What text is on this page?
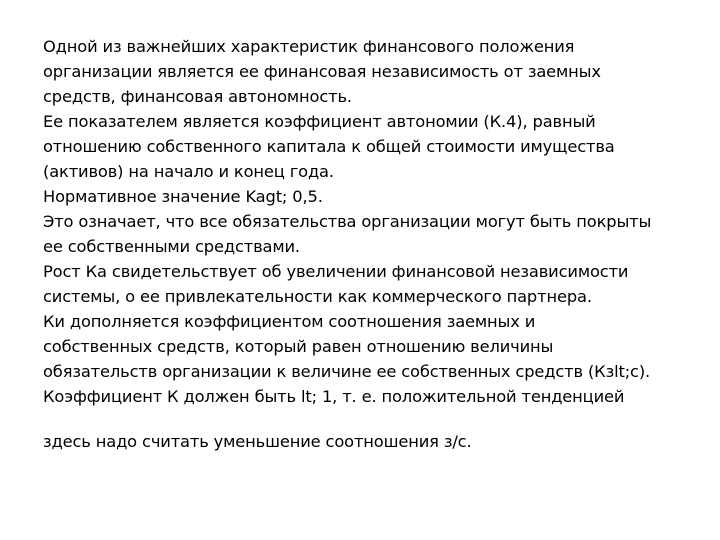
Одной из важнейших характеристик финансового положения
организации является ее финансовая независимость от заемных
средств, финансовая автономность.
Ее показателем является коэффициент автономии (К.4), равный
отношению собственного капитала к общей стоимости имущества
(активов) на начало и конец года.
Нормативное значение Kagt; 0,5.
Это означает, что все обязательства организации могут быть покрыты
ее собственными средствами.
Рост Ка свидетельствует об увеличении финансовой независимости
системы, о ее привлекательности как коммерческого партнера.
Ки дополняется коэффициентом соотношения заемных и
собственных средств, который равен отношению величины
обязательств организации к величине ее собственных средств (Кзlt;c).
Коэффициент К должен быть lt; 1, т. е. положительной тенденцией
здесь надо считать уменьшение соотношения з/с.
